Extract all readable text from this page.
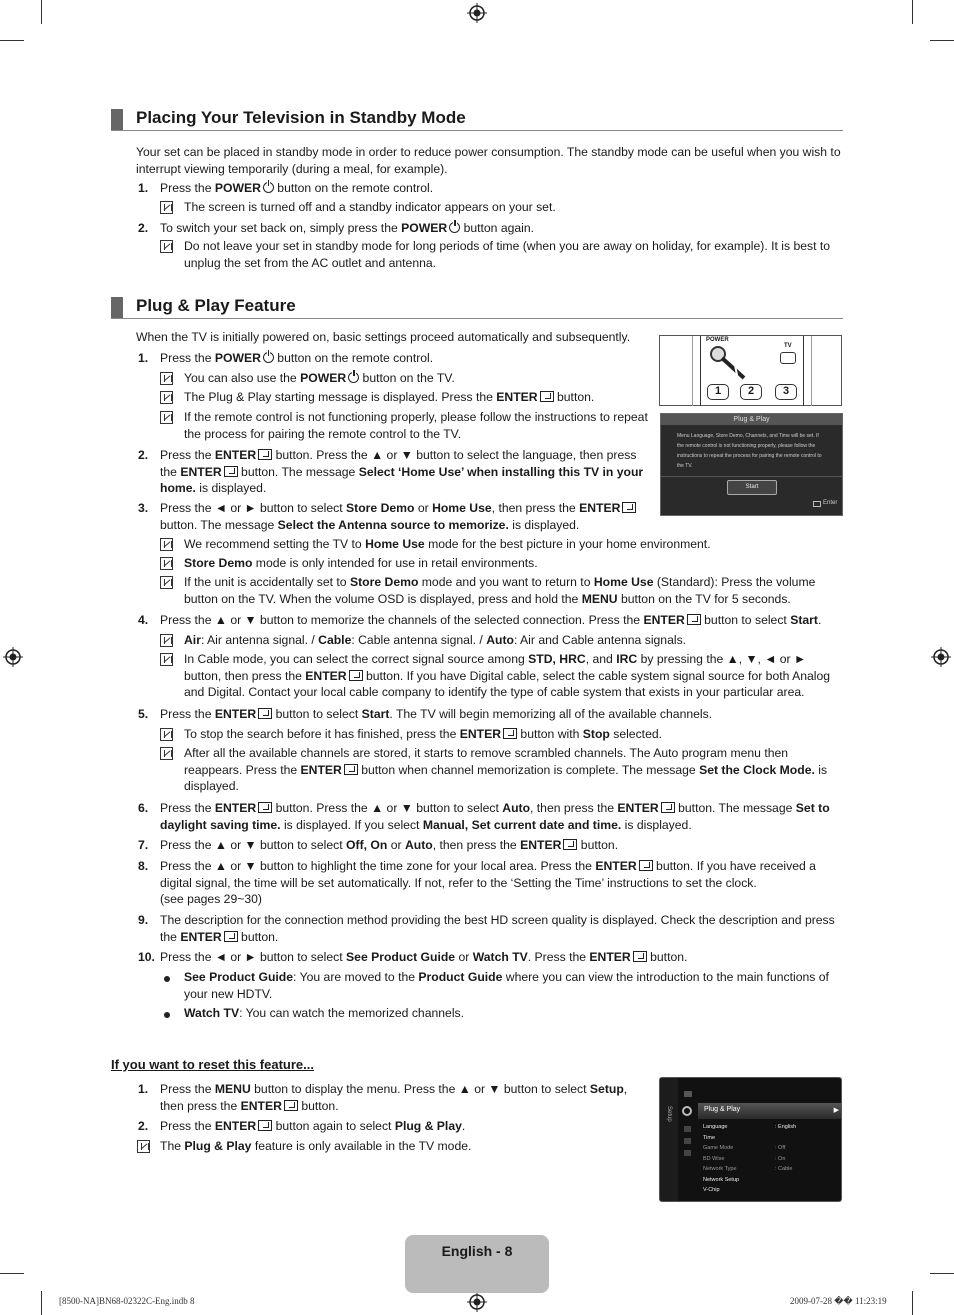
Placing Your Television in Standby Mode
Your set can be placed in standby mode in order to reduce power consumption. The standby mode can be useful when you wish to interrupt viewing temporarily (during a meal, for example).
1. Press the POWER button on the remote control.
The screen is turned off and a standby indicator appears on your set.
2. To switch your set back on, simply press the POWER button again.
Do not leave your set in standby mode for long periods of time (when you are away on holiday, for example). It is best to unplug the set from the AC outlet and antenna.
Plug & Play Feature
When the TV is initially powered on, basic settings proceed automatically and subsequently.	POWER
TV
1	2	3
Plug & Play
Menu Language, Store Demo, Channels, and Time will be set. If the remote control is not functioning properly, please follow the instructions to repeat the process for pairing the remote control to the TV.
Start
Enter
1. Press the POWER button on the remote control.
You can also use the POWER button on the TV.
The Plug & Play starting message is displayed. Press the ENTER button.
If the remote control is not functioning properly, please follow the instructions to repeat the process for pairing the remote control to the TV.
2. Press the ENTER button. Press the ▲ or ▼ button to select the language, then press the ENTER button. The message Select ‘Home Use’ when installing this TV in your home. is displayed.
3. Press the ◄ or ► button to select Store Demo or Home Use, then press the ENTER button. The message Select the Antenna source to memorize. is displayed.
We recommend setting the TV to Home Use mode for the best picture in your home environment.
Store Demo mode is only intended for use in retail environments.
If the unit is accidentally set to Store Demo mode and you want to return to Home Use (Standard): Press the volume button on the TV. When the volume OSD is displayed, press and hold the MENU button on the TV for 5 seconds.
4. Press the ▲ or ▼ button to memorize the channels of the selected connection. Press the ENTER button to select Start.
Air: Air antenna signal. / Cable: Cable antenna signal. / Auto: Air and Cable antenna signals.
In Cable mode, you can select the correct signal source among STD, HRC, and IRC by pressing the ▲, ▼, ◄ or ► button, then press the ENTER button. If you have Digital cable, select the cable system signal source for both Analog and Digital. Contact your local cable company to identify the type of cable system that exists in your particular area.
5. Press the ENTER button to select Start. The TV will begin memorizing all of the available channels.
To stop the search before it has finished, press the ENTER button with Stop selected.
After all the available channels are stored, it starts to remove scrambled channels. The Auto program menu then reappears. Press the ENTER button when channel memorization is complete. The message Set the Clock Mode. is displayed.
6. Press the ENTER button. Press the ▲ or ▼ button to select Auto, then press the ENTER button. The message Set to daylight saving time. is displayed. If you select Manual, Set current date and time. is displayed.
7. Press the ▲ or ▼ button to select Off, On or Auto, then press the ENTER button.
8. Press the ▲ or ▼ button to highlight the time zone for your local area. Press the ENTER button. If you have received a digital signal, the time will be set automatically. If not, refer to the ‘Setting the Time’ instructions to set the clock.
(see pages 29~30)
9. The description for the connection method providing the best HD screen quality is displayed. Check the description and press the ENTER button.
10. Press the ◄ or ► button to select See Product Guide or Watch TV. Press the ENTER button.
See Product Guide: You are moved to the Product Guide where you can view the introduction to the main functions of your new HDTV.
Watch TV: You can watch the memorized channels.
If you want to reset this feature...
1. Press the MENU button to display the menu. Press the ▲ or ▼ button to select Setup, then press the ENTER button.
2. Press the ENTER button again to select Plug & Play.
The Plug & Play feature is only available in the TV mode.
Setup	Plug & Play	▶
Language	: English
Time
Game Mode	: Off
BD Wise	: On
Network Type	: Cable
Network Setup
V-Chip
English - 8
[8500-NA]BN68-02322C-Eng.indb 8	2009-07-28 �� 11:23:19
